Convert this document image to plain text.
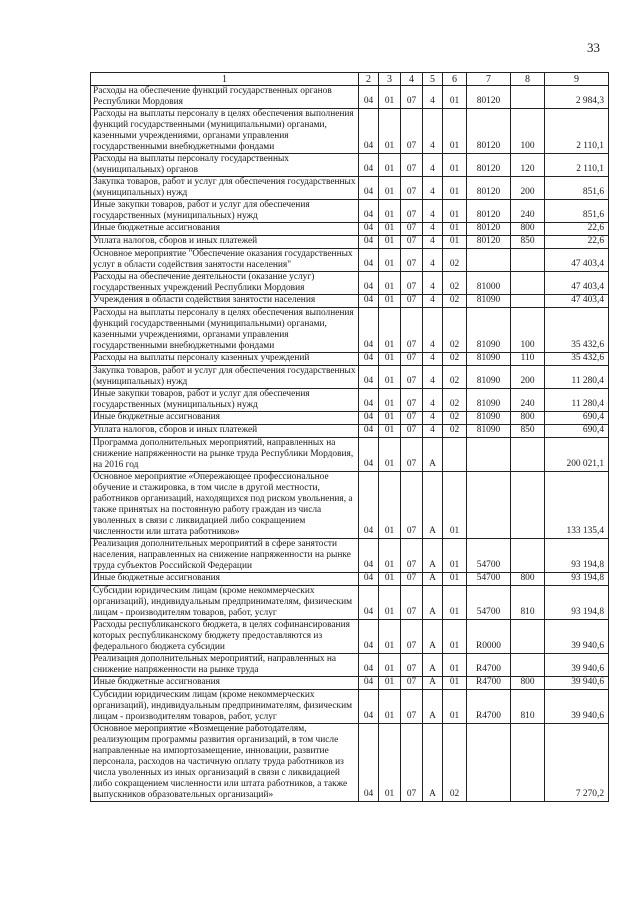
33
1	2	3	4	5	6	7	8	9
Расходы на обеспечение функций государственных органов Республики Мордовия	04	01	07	4	01	80120		2 984,3
Расходы на выплаты персоналу в целях обеспечения выполнения функций государственными (муниципальными) органами, казенными учреждениями, органами управления государственными внебюджетными фондами	04	01	07	4	01	80120	100	2 110,1
Расходы на выплаты персоналу государственных (муниципальных) органов	04	01	07	4	01	80120	120	2 110,1
Закупка товаров, работ и услуг для обеспечения государственных (муниципальных) нужд	04	01	07	4	01	80120	200	851,6
Иные закупки товаров, работ и услуг для обеспечения государственных (муниципальных) нужд	04	01	07	4	01	80120	240	851,6
Иные бюджетные ассигнования	04	01	07	4	01	80120	800	22,6
Уплата налогов, сборов и иных платежей	04	01	07	4	01	80120	850	22,6
Основное мероприятие "Обеспечение оказания государственных услуг в области содействия занятости населения"	04	01	07	4	02			47 403,4
Расходы на обеспечение деятельности (оказание услуг) государственных учреждений Республики Мордовия	04	01	07	4	02	81000		47 403,4
Учреждения в области содействия занятости населения	04	01	07	4	02	81090		47 403,4
Расходы на выплаты персоналу в целях обеспечения выполнения функций государственными (муниципальными) органами, казенными учреждениями, органами управления государственными внебюджетными фондами	04	01	07	4	02	81090	100	35 432,6
Расходы на выплаты персоналу казенных учреждений	04	01	07	4	02	81090	110	35 432,6
Закупка товаров, работ и услуг для обеспечения государственных (муниципальных) нужд	04	01	07	4	02	81090	200	11 280,4
Иные закупки товаров, работ и услуг для обеспечения государственных (муниципальных) нужд	04	01	07	4	02	81090	240	11 280,4
Иные бюджетные ассигнования	04	01	07	4	02	81090	800	690,4
Уплата налогов, сборов и иных платежей	04	01	07	4	02	81090	850	690,4
Программа дополнительных мероприятий, направленных на снижение напряженности на рынке труда Республики Мордовия, на 2016 год	04	01	07	А				200 021,1
Основное мероприятие «Опережающее профессиональное обучение и стажировка, в том числе в другой местности, работников организаций, находящихся под риском увольнения, а также принятых на постоянную работу граждан из числа уволенных в связи с ликвидацией либо сокращением численности или штата работников»	04	01	07	А	01			133 135,4
Реализация дополнительных мероприятий в сфере занятости населения, направленных на снижение напряженности на рынке труда субъектов Российской Федерации	04	01	07	А	01	54700		93 194,8
Иные бюджетные ассигнования	04	01	07	А	01	54700	800	93 194,8
Субсидии юридическим лицам (кроме некоммерческих организаций), индивидуальным предпринимателям, физическим лицам - производителям товаров, работ, услуг	04	01	07	А	01	54700	810	93 194,8
Расходы республиканского бюджета, в целях софинансирования которых республиканскому бюджету предоставляются из федерального бюджета субсидии	04	01	07	А	01	R0000		39 940,6
Реализация дополнительных мероприятий, направленных на снижение напряженности на рынке труда	04	01	07	А	01	R4700		39 940,6
Иные бюджетные ассигнования	04	01	07	А	01	R4700	800	39 940,6
Субсидии юридическим лицам (кроме некоммерческих организаций), индивидуальным предпринимателям, физическим лицам - производителям товаров, работ, услуг	04	01	07	А	01	R4700	810	39 940,6
Основное мероприятие «Возмещение работодателям, реализующим программы развития организаций, в том числе направленные на импортозамещение, инновации, развитие персонала, расходов на частичную оплату труда работников из числа уволенных из иных организаций в связи с ликвидацией либо сокращением численности или штата работников, а также выпускников образовательных организаций»	04	01	07	А	02			7 270,2
